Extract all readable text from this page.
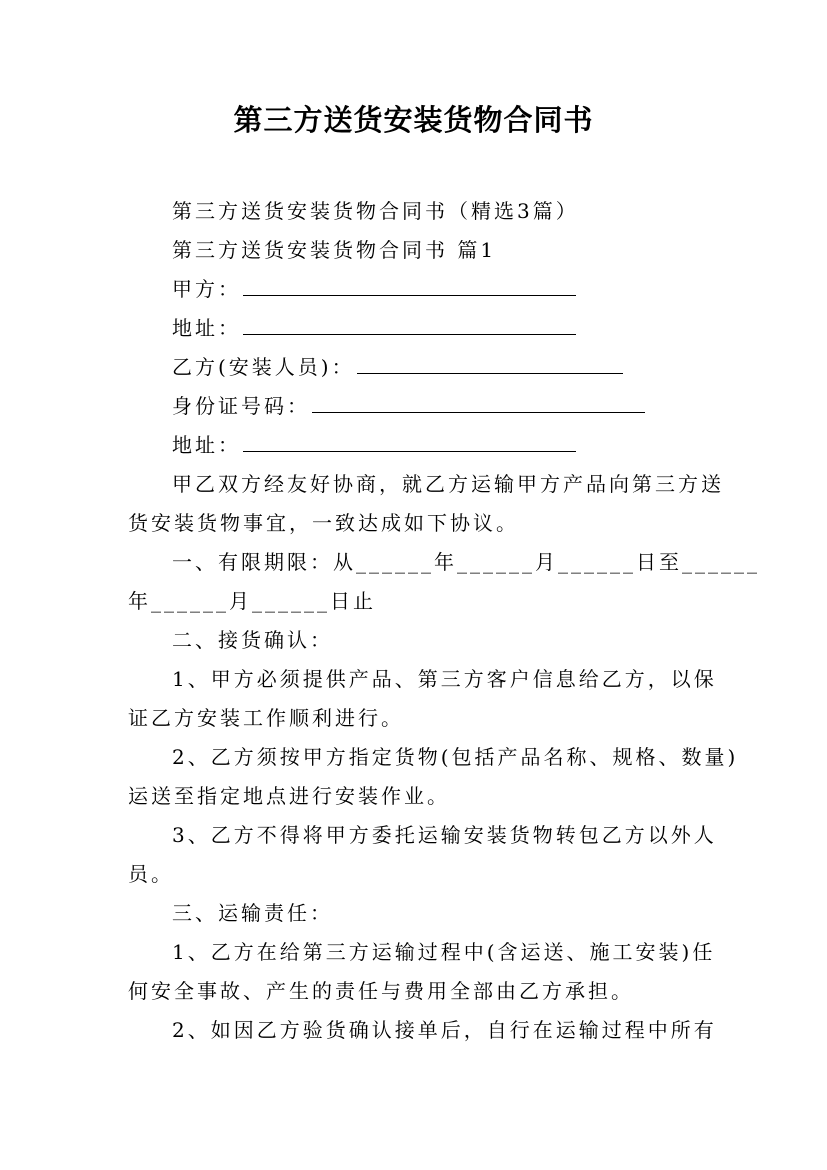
第三方送货安装货物合同书
第三方送货安装货物合同书（精选3篇）
第三方送货安装货物合同书 篇1
甲方：
地址：
乙方(安装人员)：
身份证号码：
地址：
甲乙双方经友好协商，就乙方运输甲方产品向第三方送
货安装货物事宜，一致达成如下协议。
一、有限期限：从______年______月______日至______
年______月______日止
二、接货确认：
1、甲方必须提供产品、第三方客户信息给乙方，以保
证乙方安装工作顺利进行。
2、乙方须按甲方指定货物(包括产品名称、规格、数量)
运送至指定地点进行安装作业。
3、乙方不得将甲方委托运输安装货物转包乙方以外人
员。
三、运输责任：
1、乙方在给第三方运输过程中(含运送、施工安装)任
何安全事故、产生的责任与费用全部由乙方承担。
2、如因乙方验货确认接单后，自行在运输过程中所有
